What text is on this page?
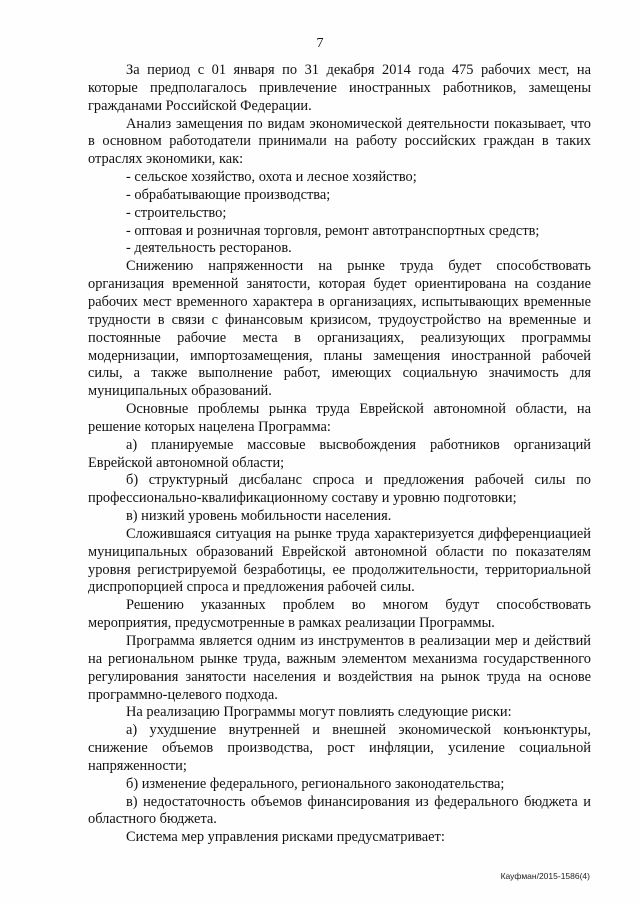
7

За период с 01 января по 31 декабря 2014 года 475 рабочих мест, на которые предполагалось привлечение иностранных работников, замещены гражданами Российской Федерации.

Анализ замещения по видам экономической деятельности показывает, что в основном работодатели принимали на работу российских граждан в таких отраслях экономики, как:

- сельское хозяйство, охота и лесное хозяйство;

- обрабатывающие производства;

- строительство;

- оптовая и розничная торговля, ремонт автотранспортных средств;

- деятельность ресторанов.

Снижению напряженности на рынке труда будет способствовать организация временной занятости, которая будет ориентирована на создание рабочих мест временного характера в организациях, испытывающих временные трудности в связи с финансовым кризисом, трудоустройство на временные и постоянные рабочие места в организациях, реализующих программы модернизации, импортозамещения, планы замещения иностранной рабочей силы, а также выполнение работ, имеющих социальную значимость для муниципальных образований.

Основные проблемы рынка труда Еврейской автономной области, на решение которых нацелена Программа:

а) планируемые массовые высвобождения работников организаций Еврейской автономной области;

б) структурный дисбаланс спроса и предложения рабочей силы по профессионально-квалификационному составу и уровню подготовки;

в) низкий уровень мобильности населения.

Сложившаяся ситуация на рынке труда характеризуется дифференциацией муниципальных образований Еврейской автономной области по показателям уровня регистрируемой безработицы, ее продолжительности, территориальной диспропорцией спроса и предложения рабочей силы.

Решению указанных проблем во многом будут способствовать мероприятия, предусмотренные в рамках реализации Программы.

Программа является одним из инструментов в реализации мер и действий на региональном рынке труда, важным элементом механизма государственного регулирования занятости населения и воздействия на рынок труда на основе программно-целевого подхода.

На реализацию Программы могут повлиять следующие риски:

а) ухудшение внутренней и внешней экономической конъюнктуры, снижение объемов производства, рост инфляции, усиление социальной напряженности;

б) изменение федерального, регионального законодательства;

в) недостаточность объемов финансирования из федерального бюджета и областного бюджета.

Система мер управления рисками предусматривает:

Кауфман/2015-1586(4)
